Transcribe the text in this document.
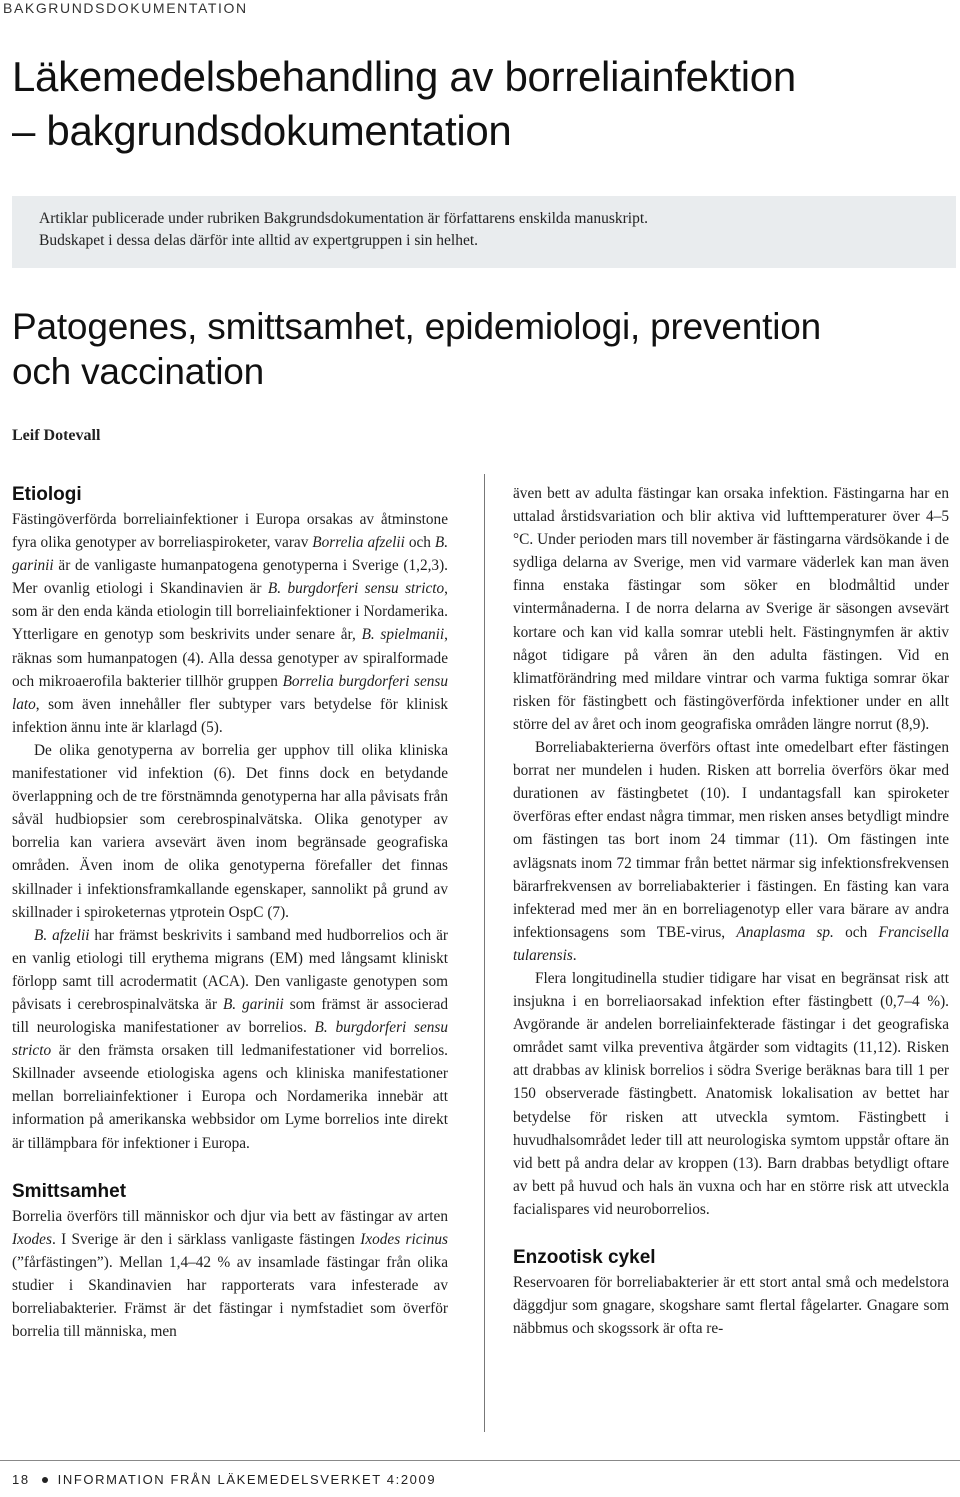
BAKGRUNDSDOKUMENTATION
Läkemedelsbehandling av borreliainfektion
– bakgrundsdokumentation

Artiklar publicerade under rubriken Bakgrundsdokumentation är författarens enskilda manuskript.

Budskapet i dessa delas därför inte alltid av expertgruppen i sin helhet.

Patogenes, smittsamhet, epidemiologi, prevention
och vaccination
Leif Dotevall
Etiologi

Fästingöverförda borreliainfektioner i Europa orsakas av åtminstone fyra olika genotyper av borreliaspiroketer, varav Borrelia afzelii och B. garinii är de vanligaste humanpatogena genotyperna i Sverige (1,2,3). Mer ovanlig etiologi i Skandinavien är B. burgdorferi sensu stricto, som är den enda kända etiologin till borreliainfektioner i Nordamerika. Ytterligare en genotyp som beskrivits under senare år, B. spielmanii, räknas som humanpatogen (4). Alla dessa genotyper av spiralformade och mikroaerofila bakterier tillhör gruppen Borrelia burgdorferi sensu lato, som även innehåller fler subtyper vars betydelse för klinisk infektion ännu inte är klarlagd (5).

De olika genotyperna av borrelia ger upphov till olika kliniska manifestationer vid infektion (6). Det finns dock en betydande överlappning och de tre förstnämnda genotyperna har alla påvisats från såväl hudbiopsier som cerebrospinalvätska. Olika genotyper av borrelia kan variera avsevärt även inom begränsade geografiska områden. Även inom de olika genotyperna förefaller det finnas skillnader i infektionsframkallande egenskaper, sannolikt på grund av skillnader i spiroketernas ytprotein OspC (7).

B. afzelii har främst beskrivits i samband med hudborrelios och är en vanlig etiologi till erythema migrans (EM) med långsamt kliniskt förlopp samt till acrodermatit (ACA). Den vanligaste genotypen som påvisats i cerebrospinalvätska är B. garinii som främst är associerad till neurologiska manifestationer av borrelios. B. burgdorferi sensu stricto är den främsta orsaken till ledmanifestationer vid borrelios. Skillnader avseende etiologiska agens och kliniska manifestationer mellan borreliainfektioner i Europa och Nordamerika innebär att information på amerikanska webbsidor om Lyme borrelios inte direkt är tillämpbara för infektioner i Europa.

Smittsamhet

Borrelia överförs till människor och djur via bett av fästingar av arten Ixodes. I Sverige är den i särklass vanligaste fästingen Ixodes ricinus (”fårfästingen”). Mellan 1,4–42 % av insamlade fästingar från olika studier i Skandinavien har rapporterats vara infesterade av borreliabakterier. Främst är det fästingar i nymfstadiet som överför borrelia till människa, men

även bett av adulta fästingar kan orsaka infektion. Fästingarna har en uttalad årstidsvariation och blir aktiva vid lufttemperaturer över 4–5 °C. Under perioden mars till november är fästingarna värdsökande i de sydliga delarna av Sverige, men vid varmare väderlek kan man även finna enstaka fästingar som söker en blodmåltid under vintermånaderna. I de norra delarna av Sverige är säsongen avsevärt kortare och kan vid kalla somrar utebli helt. Fästingnymfen är aktiv något tidigare på våren än den adulta fästingen. Vid en klimatförändring med mildare vintrar och varma fuktiga somrar ökar risken för fästingbett och fästingöverförda infektioner under en allt större del av året och inom geografiska områden längre norrut (8,9).

Borreliabakterierna överförs oftast inte omedelbart efter fästingen borrat ner mundelen i huden. Risken att borrelia överförs ökar med durationen av fästingbetet (10). I undantagsfall kan spiroketer överföras efter endast några timmar, men risken anses betydligt mindre om fästingen tas bort inom 24 timmar (11). Om fästingen inte avlägsnats inom 72 timmar från bettet närmar sig infektionsfrekvensen bärarfrekvensen av borreliabakterier i fästingen. En fästing kan vara infekterad med mer än en borreliagenotyp eller vara bärare av andra infektionsagens som TBE-virus, Anaplasma sp. och Francisella tularensis.

Flera longitudinella studier tidigare har visat en begränsat risk att insjukna i en borreliaorsakad infektion efter fästingbett (0,7–4 %). Avgörande är andelen borreliainfekterade fästingar i det geografiska området samt vilka preventiva åtgärder som vidtagits (11,12). Risken att drabbas av klinisk borrelios i södra Sverige beräknas bara till 1 per 150 observerade fästingbett. Anatomisk lokalisation av bettet har betydelse för risken att utveckla symtom. Fästingbett i huvudhalsområdet leder till att neurologiska symtom uppstår oftare än vid bett på andra delar av kroppen (13). Barn drabbas betydligt oftare av bett på huvud och hals än vuxna och har en större risk att utveckla facialispares vid neuroborrelios.

Enzootisk cykel

Reservoaren för borreliabakterier är ett stort antal små och medelstora däggdjur som gnagare, skogshare samt flertal fågelarter. Gnagare som näbbmus och skogssork är ofta re-

18 INFORMATION FRÅN LÄKEMEDELSVERKET 4:2009
